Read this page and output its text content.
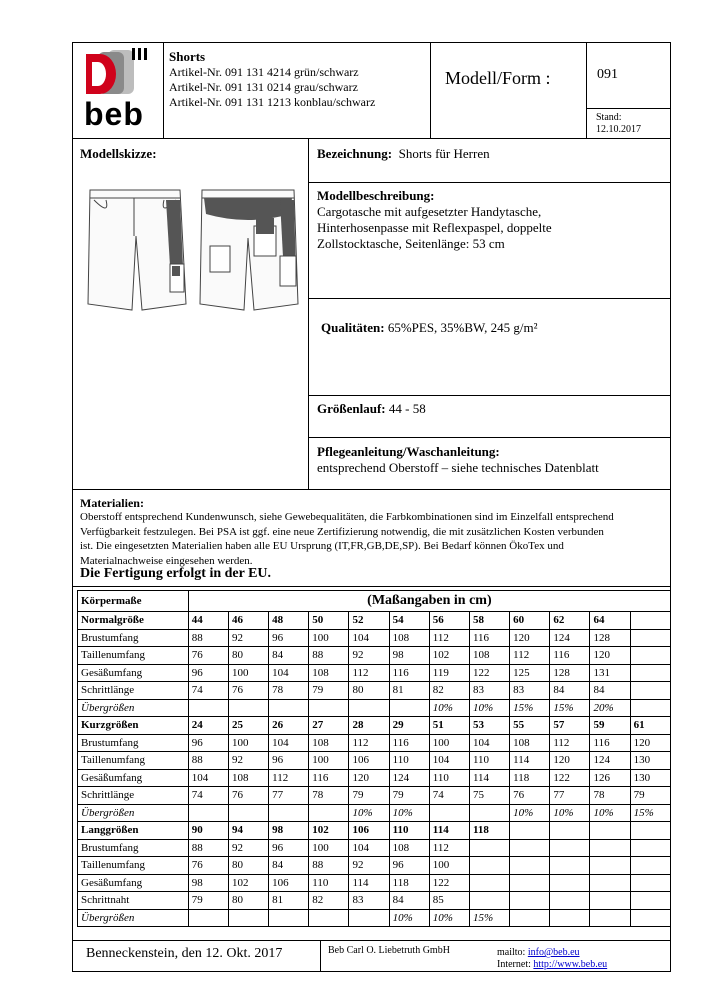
beb
Shorts
Artikel-Nr. 091 131 4214 grün/schwarz
Artikel-Nr. 091 131 0214 grau/schwarz
Artikel-Nr. 091 131 1213 konblau/schwarz
Modell/Form :	091
Stand:
12.10.2017
Modellskizze:	Bezeichnung: Shorts für Herren
Modellbeschreibung:
Cargotasche mit aufgesetzter Handytasche,
Hinterhosenpasse mit Reflexpaspel, doppelte
Zollstocktasche, Seitenlänge: 53 cm
Qualitäten: 65%PES, 35%BW, 245 g/m²
Größenlauf: 44 - 58
Pflegeanleitung/Waschanleitung:
entsprechend Oberstoff – siehe technisches Datenblatt
Materialien:
Oberstoff entsprechend Kundenwunsch, siehe Gewebequalitäten, die Farbkombinationen sind im Einzelfall entsprechend
Verfügbarkeit festzulegen. Bei PSA ist ggf. eine neue Zertifizierung notwendig, die mit zusätzlichen Kosten verbunden
ist. Die eingesetzten Materialien haben alle EU Ursprung (IT,FR,GB,DE,SP). Bei Bedarf können ÖkoTex und
Materialnachweise eingesehen werden.
Die Fertigung erfolgt in der EU.
Körpermaße	(Maßangaben in cm)											
Normalgröße	44	46	48	50	52	54	56	58	60	62	64	
Brustumfang	88	92	96	100	104	108	112	116	120	124	128	
Taillenumfang	76	80	84	88	92	98	102	108	112	116	120	
Gesäßumfang	96	100	104	108	112	116	119	122	125	128	131	
Schrittlänge	74	76	78	79	80	81	82	83	83	84	84	
Übergrößen							10%	10%	15%	15%	20%	
Kurzgrößen	24	25	26	27	28	29	51	53	55	57	59	61
Brustumfang	96	100	104	108	112	116	100	104	108	112	116	120
Taillenumfang	88	92	96	100	106	110	104	110	114	120	124	130
Gesäßumfang	104	108	112	116	120	124	110	114	118	122	126	130
Schrittlänge	74	76	77	78	79	79	74	75	76	77	78	79
Übergrößen					10%	10%			10%	10%	10%	15%
Langgrößen	90	94	98	102	106	110	114	118				
Brustumfang	88	92	96	100	104	108	112					
Taillenumfang	76	80	84	88	92	96	100					
Gesäßumfang	98	102	106	110	114	118	122					
Schrittnaht	79	80	81	82	83	84	85					
Übergrößen						10%	10%	15%				
Benneckenstein, den 12. Okt. 2017	Beb Carl O. Liebetruth GmbH	mailto: info@beb.eu
Internet: http://www.beb.eu
